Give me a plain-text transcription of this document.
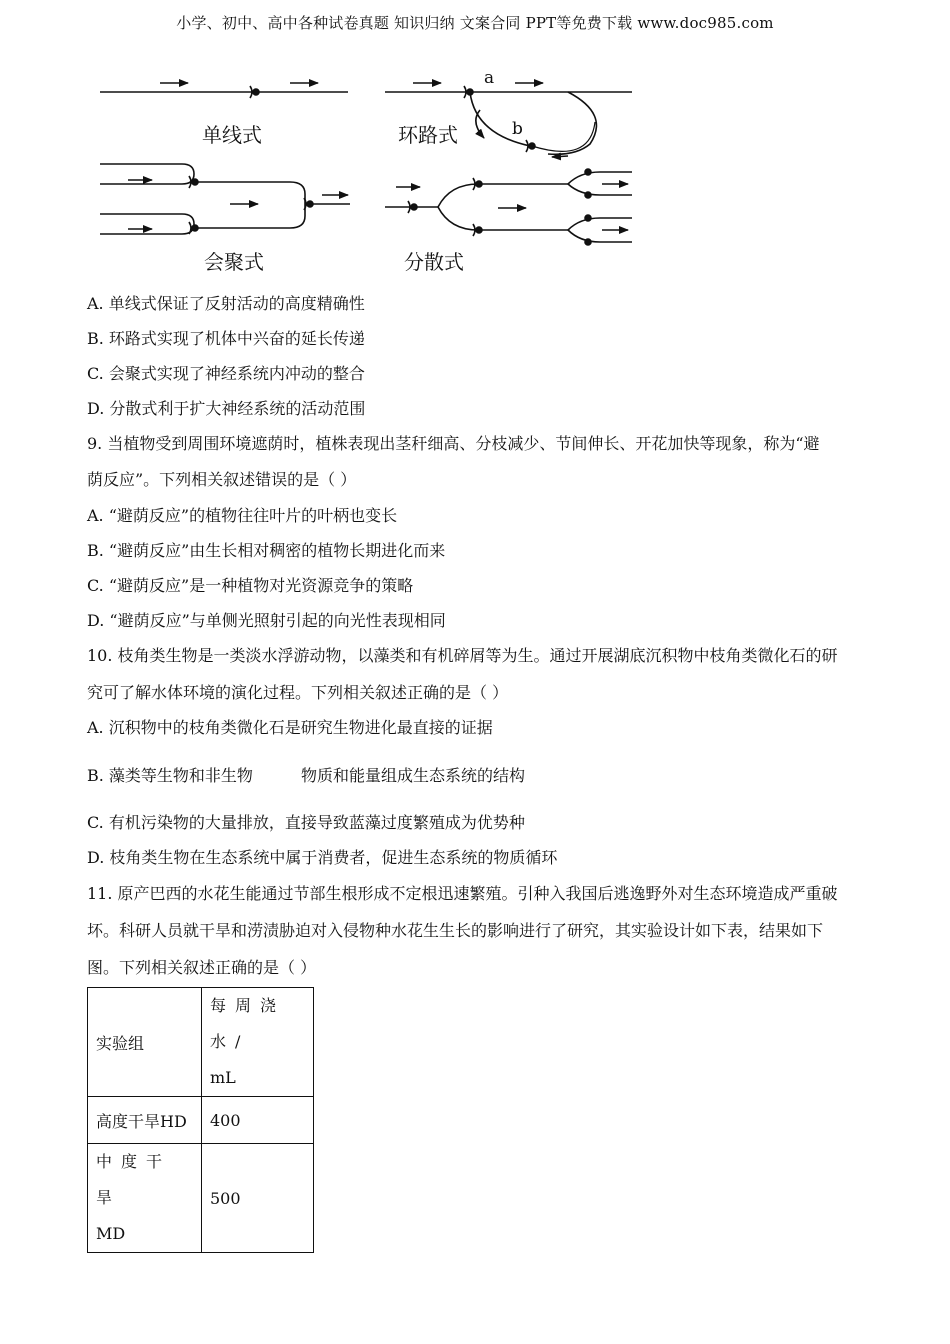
小学、初中、高中各种试卷真题 知识归纳 文案合同 PPT等免费下载 www.doc985.com
单线式	环路式
a
b
会聚式	分散式
A. 单线式保证了反射活动的高度精确性
B. 环路式实现了机体中兴奋的延长传递
C. 会聚式实现了神经系统内冲动的整合
D. 分散式利于扩大神经系统的活动范围
9. 当植物受到周围环境遮荫时，植株表现出茎秆细高、分枝减少、节间伸长、开花加快等现象，称为“避
荫反应”。下列相关叙述错误的是（ ）
A. “避荫反应”的植物往往叶片的叶柄也变长
B. “避荫反应”由生长相对稠密的植物长期进化而来
C. “避荫反应”是一种植物对光资源竞争的策略
D. “避荫反应”与单侧光照射引起的向光性表现相同
10. 枝角类生物是一类淡水浮游动物，以藻类和有机碎屑等为生。通过开展湖底沉积物中枝角类微化石的研
究可了解水体环境的演化过程。下列相关叙述正确的是（ ）
A. 沉积物中的枝角类微化石是研究生物进化最直接的证据
B. 藻类等生物和非生物	物质和能量组成生态系统的结构
C. 有机污染物的大量排放，直接导致蓝藻过度繁殖成为优势种
D. 枝角类生物在生态系统中属于消费者，促进生态系统的物质循环
11. 原产巴西的水花生能通过节部生根形成不定根迅速繁殖。引种入我国后逃逸野外对生态环境造成严重破
坏。科研人员就干旱和涝渍胁迫对入侵物种水花生生长的影响进行了研究，其实验设计如下表，结果如下
图。下列相关叙述正确的是（ ）
实验组	每周浇水/
mL

高度干旱HD	400

中度干旱
MD	500
